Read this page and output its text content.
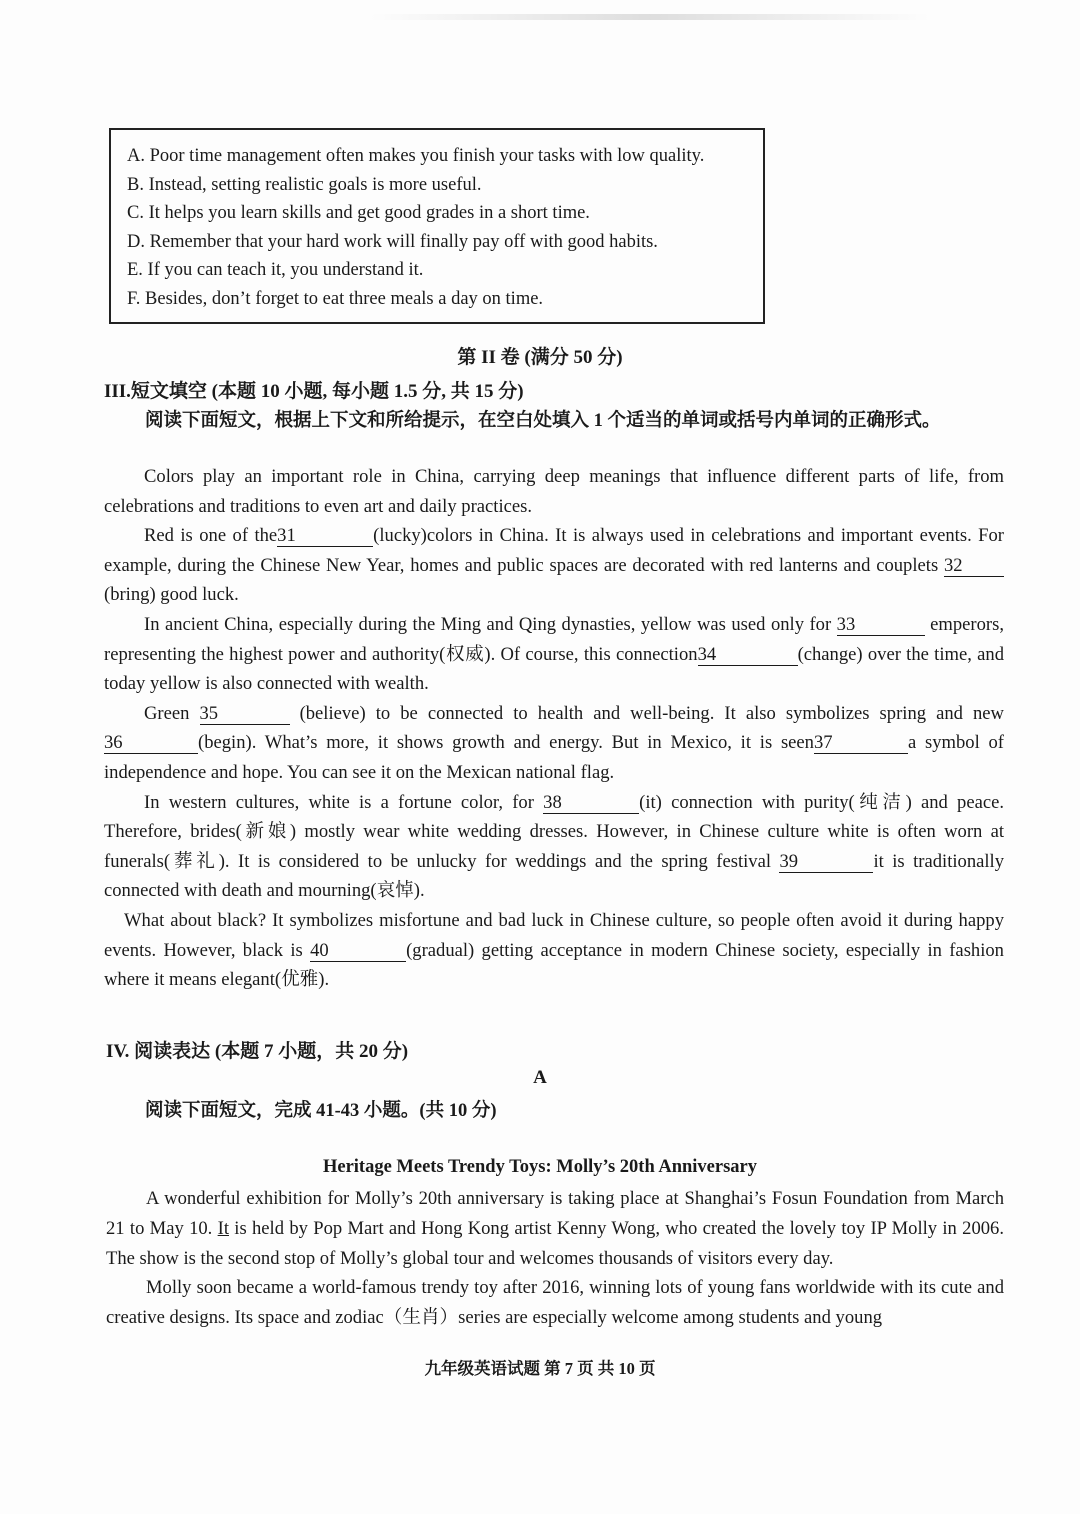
A. Poor time management often makes you finish your tasks with low quality.
B. Instead, setting realistic goals is more useful.
C. It helps you learn skills and get good grades in a short time.
D. Remember that your hard work will finally pay off with good habits.
E. If you can teach it, you understand it.
F. Besides, don’t forget to eat three meals a day on time.
第 II 卷 (满分 50 分)
III.短文填空 (本题 10 小题, 每小题 1.5 分, 共 15 分)
阅读下面短文，根据上下文和所给提示，在空白处填入 1 个适当的单词或括号内单词的正确形式。

Colors play an important role in China, carrying deep meanings that influence different parts of life, from celebrations and traditions to even art and daily practices.

Red is one of the31	(lucky)colors in China. It is always used in celebrations and important events. For example, during the Chinese New Year, homes and public spaces are decorated with red lanterns and couplets 32(bring) good luck.

In ancient China, especially during the Ming and Qing dynasties, yellow was used only for 33	emperors, representing the highest power and authority(权威). Of course, this connection34	(change) over the time, and today yellow is also connected with wealth.

Green 35	(believe) to be connected to health and well-being. It also symbolizes spring and new 36	(begin). What’s more, it shows growth and energy. But in Mexico, it is seen37	a symbol of independence and hope. You can see it on the Mexican national flag.

In western cultures, white is a fortune color, for 38	(it) connection with purity(纯洁) and peace. Therefore, brides(新娘) mostly wear white wedding dresses. However, in Chinese culture white is often worn at funerals(葬礼). It is considered to be unlucky for weddings and the spring festival 39	it is traditionally connected with death and mourning(哀悼).

What about black? It symbolizes misfortune and bad luck in Chinese culture, so people often avoid it during happy events. However, black is 40	(gradual) getting acceptance in modern Chinese society, especially in fashion where it means elegant(优雅).

IV. 阅读表达 (本题 7 小题，共 20 分)
A
阅读下面短文，完成 41-43 小题。(共 10 分)
Heritage Meets Trendy Toys: Molly’s 20th Anniversary

A wonderful exhibition for Molly’s 20th anniversary is taking place at Shanghai’s Fosun Foundation from March 21 to May 10. It is held by Pop Mart and Hong Kong artist Kenny Wong, who created the lovely toy IP Molly in 2006. The show is the second stop of Molly’s global tour and welcomes thousands of visitors every day.

Molly soon became a world-famous trendy toy after 2016, winning lots of young fans worldwide with its cute and creative designs. Its space and zodiac（生肖）series are especially welcome among students and young

九年级英语试题 第 7 页 共 10 页
